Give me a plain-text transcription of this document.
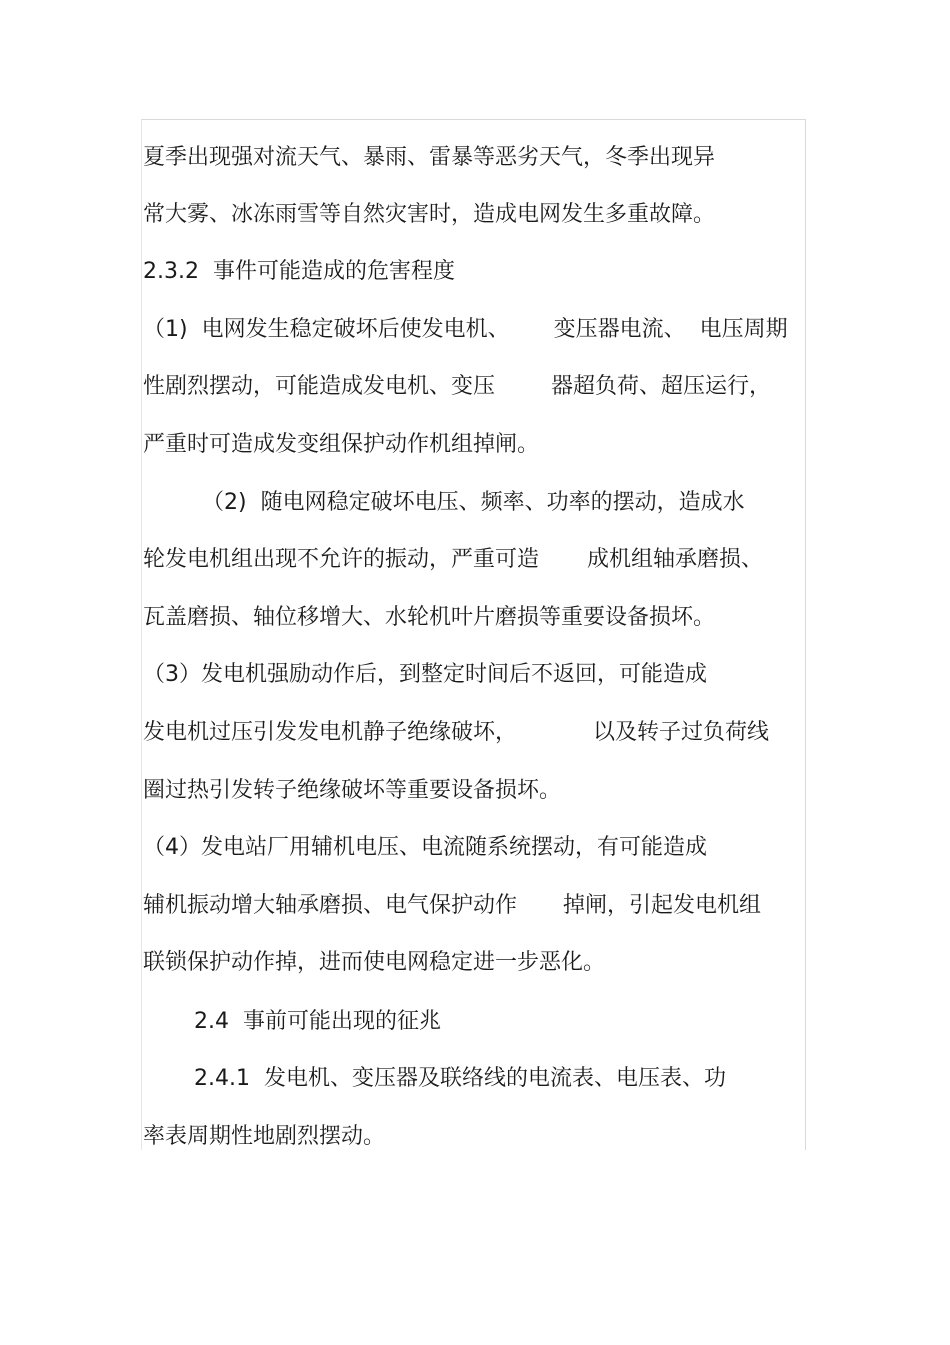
夏季出现强对流天气、暴雨、雷暴等恶劣天气，冬季出现异
常大雾、冰冻雨雪等自然灾害时，造成电网发生多重故障。
2.3.2  事件可能造成的危害程度
（1)  电网发生稳定破坏后使发电机、 变压器电流、  电压周期
性剧烈摆动，可能造成发电机、变压	器超负荷、超压运行，
严重时可造成发变组保护动作机组掉闸。
（2)  随电网稳定破坏电压、频率、功率的摆动，造成水
轮发电机组出现不允许的振动，严重可造 成机组轴承磨损、
瓦盖磨损、轴位移增大、水轮机叶片磨损等重要设备损坏。
（3）发电机强励动作后，到整定时间后不返回，可能造成
发电机过压引发发电机静子绝缘破坏，	以及转子过负荷线
圈过热引发转子绝缘破坏等重要设备损坏。
（4）发电站厂用辅机电压、电流随系统摆动，有可能造成
辅机振动增大轴承磨损、电气保护动作 掉闸，引起发电机组
联锁保护动作掉，进而使电网稳定进一步恶化。
2.4  事前可能出现的征兆
2.4.1  发电机、变压器及联络线的电流表、电压表、功
率表周期性地剧烈摆动。
